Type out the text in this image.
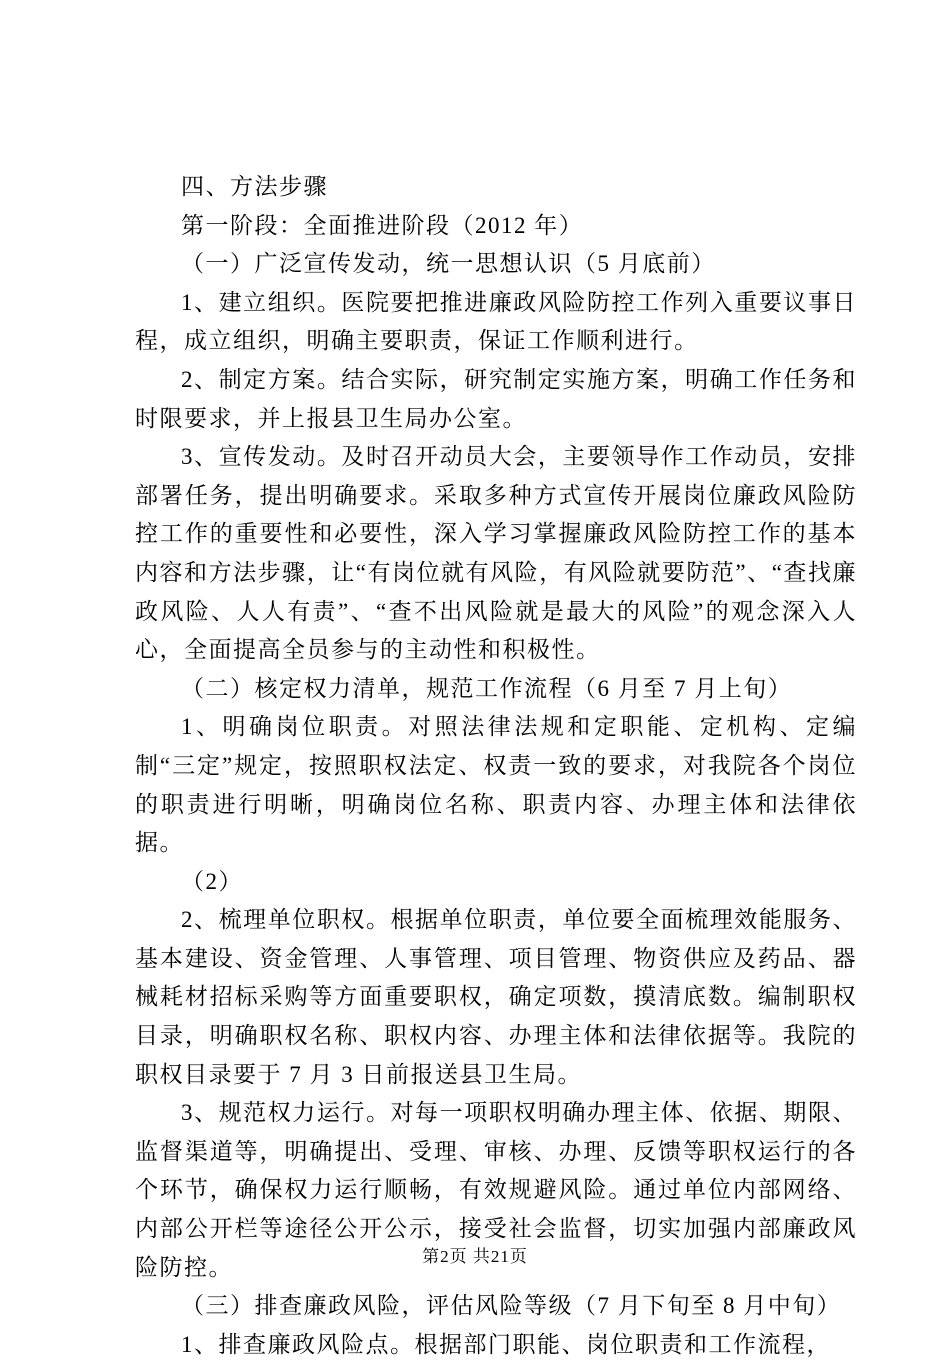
四、方法步骤

第一阶段：全面推进阶段（2012 年）

（一）广泛宣传发动，统一思想认识（5 月底前）

1、建立组织。医院要把推进廉政风险防控工作列入重要议事日程，成立组织，明确主要职责，保证工作顺利进行。

2、制定方案。结合实际，研究制定实施方案，明确工作任务和时限要求，并上报县卫生局办公室。

3、宣传发动。及时召开动员大会，主要领导作工作动员，安排部署任务，提出明确要求。采取多种方式宣传开展岗位廉政风险防控工作的重要性和必要性，深入学习掌握廉政风险防控工作的基本内容和方法步骤，让“有岗位就有风险，有风险就要防范”、“查找廉政风险、人人有责”、“查不出风险就是最大的风险”的观念深入人心，全面提高全员参与的主动性和积极性。

（二）核定权力清单，规范工作流程（6 月至 7 月上旬）

1、明确岗位职责。对照法律法规和定职能、定机构、定编制“三定”规定，按照职权法定、权责一致的要求，对我院各个岗位的职责进行明晰，明确岗位名称、职责内容、办理主体和法律依据。

（2）

2、梳理单位职权。根据单位职责，单位要全面梳理效能服务、基本建设、资金管理、人事管理、项目管理、物资供应及药品、器械耗材招标采购等方面重要职权，确定项数，摸清底数。编制职权目录，明确职权名称、职权内容、办理主体和法律依据等。我院的职权目录要于 7 月 3 日前报送县卫生局。

3、规范权力运行。对每一项职权明确办理主体、依据、期限、监督渠道等，明确提出、受理、审核、办理、反馈等职权运行的各个环节，确保权力运行顺畅，有效规避风险。通过单位内部网络、内部公开栏等途径公开公示，接受社会监督，切实加强内部廉政风险防控。

（三）排查廉政风险，评估风险等级（7 月下旬至 8 月中旬）

1、排查廉政风险点。根据部门职能、岗位职责和工作流程，

第2页 共21页
